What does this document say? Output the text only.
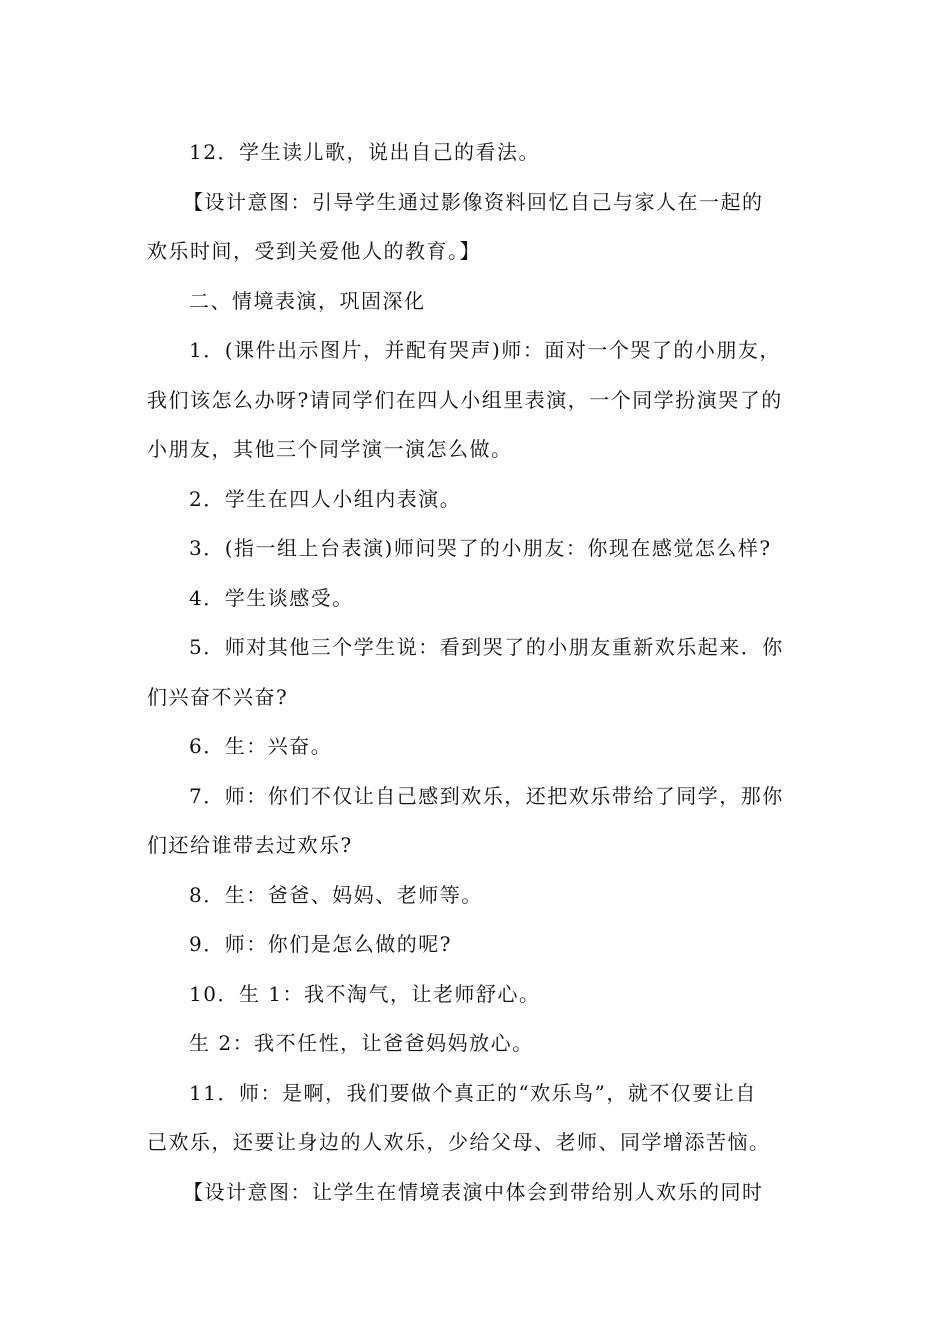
12．学生读儿歌，说出自己的看法。
【设计意图：引导学生通过影像资料回忆自己与家人在一起的
欢乐时间，受到关爱他人的教育。】
二、情境表演，巩固深化
1．(课件出示图片，并配有哭声)师：面对一个哭了的小朋友，
我们该怎么办呀?请同学们在四人小组里表演，一个同学扮演哭了的
小朋友，其他三个同学演一演怎么做。
2．学生在四人小组内表演。
3．(指一组上台表演)师问哭了的小朋友：你现在感觉怎么样?
4．学生谈感受。
5．师对其他三个学生说：看到哭了的小朋友重新欢乐起来．你
们兴奋不兴奋?
6．生：兴奋。
7．师：你们不仅让自己感到欢乐，还把欢乐带给了同学，那你
们还给谁带去过欢乐?
8．生：爸爸、妈妈、老师等。
9．师：你们是怎么做的呢?
10．生 1：我不淘气，让老师舒心。
生 2：我不任性，让爸爸妈妈放心。
11．师：是啊，我们要做个真正的“欢乐鸟”，就不仅要让自
己欢乐，还要让身边的人欢乐，少给父母、老师、同学增添苦恼。
【设计意图：让学生在情境表演中体会到带给别人欢乐的同时
